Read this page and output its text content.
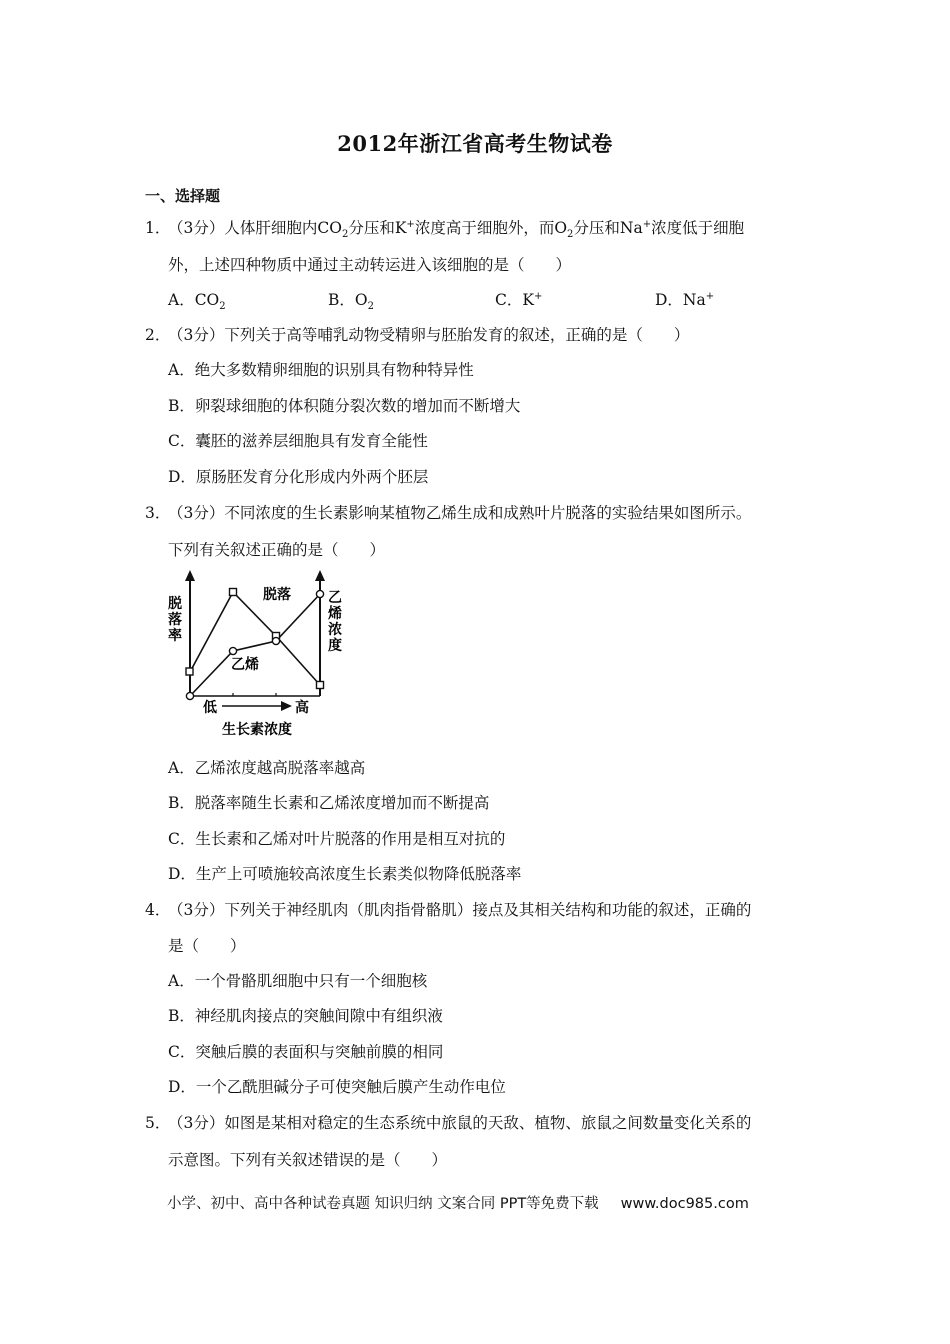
2012年浙江省高考生物试卷
一、选择题
1．
（3分）人体肝细胞内$CO_2$分压和K+浓度高于细胞外，而$O_2$分压和Na+浓度低于细胞
外，上述四种物质中通过主动转运进入该细胞的是（　　）
A．$CO_2$	B．$O_2$	C．K+	D．Na+
2．
（3分）下列关于高等哺乳动物受精卵与胚胎发育的叙述，正确的是（　　）
A．绝大多数精卵细胞的识别具有物种特异性
B．卵裂球细胞的体积随分裂次数的增加而不断增大
C．囊胚的滋养层细胞具有发育全能性
D．原肠胚发育分化形成内外两个胚层
3．
（3分）不同浓度的生长素影响某植物乙烯生成和成熟叶片脱落的实验结果如图所示。
下列有关叙述正确的是（　　）
脱
落
率
乙
烯
浓
度
脱落
乙烯
低	高
生长素浓度
A．乙烯浓度越高脱落率越高
B．脱落率随生长素和乙烯浓度增加而不断提高
C．生长素和乙烯对叶片脱落的作用是相互对抗的
D．生产上可喷施较高浓度生长素类似物降低脱落率
4．
（3分）下列关于神经肌肉（肌肉指骨骼肌）接点及其相关结构和功能的叙述，正确的
是（　　）
A．一个骨骼肌细胞中只有一个细胞核
B．神经肌肉接点的突触间隙中有组织液
C．突触后膜的表面积与突触前膜的相同
D．一个乙酰胆碱分子可使突触后膜产生动作电位
5．
（3分）如图是某相对稳定的生态系统中旅鼠的天敌、植物、旅鼠之间数量变化关系的
示意图。下列有关叙述错误的是（　　）
小学、初中、高中各种试卷真题 知识归纳 文案合同 PPT等免费下载 www.doc985.com
